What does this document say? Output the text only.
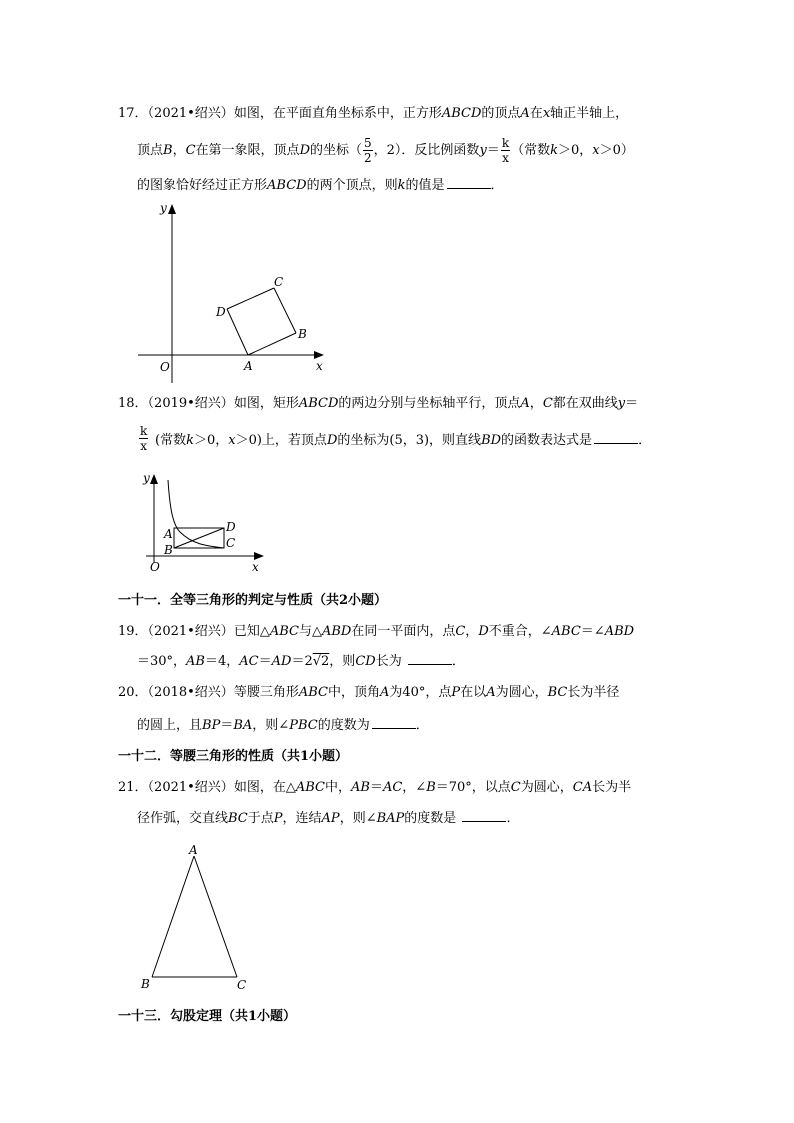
17．（2021•绍兴）如图，在平面直角坐标系中，正方形ABCD的顶点A在x轴正半轴上，
顶点B，C在第一象限，顶点D的坐标（ $\frac{5}{2}$ ，2）．反比例函数$y= \frac{k}{x}$ （常数k＞0，x＞0）
的图象恰好经过正方形ABCD的两个顶点，则k的值是	．
y
x
O	A
B
C
D
18．（2019•绍兴）如图，矩形ABCD的两边分别与坐标轴平行，顶点A，C都在双曲线y＝
$\frac{k}{x}$ (常数k＞0，x＞0)上，若顶点D的坐标为(5，3)，则直线BD的函数表达式是	．
y
x
O
A
B	C
D
一十一．全等三角形的判定与性质（共2小题）
19．（2021•绍兴）已知△ABC与△ABD在同一平面内，点C，D不重合，∠ABC＝∠ABD
＝30°，AB＝4，AC＝AD＝2√2，则CD长为	．
20．（2018•绍兴）等腰三角形ABC中，顶角A为40°，点P在以A为圆心，BC长为半径
的圆上，且BP＝BA，则∠PBC的度数为	．
一十二．等腰三角形的性质（共1小题）
21．（2021•绍兴）如图，在△ABC中，AB＝AC，∠B＝70°，以点C为圆心，CA长为半
径作弧，交直线BC于点P，连结AP，则∠BAP的度数是	．
A
B	C
一十三．勾股定理（共1小题）
